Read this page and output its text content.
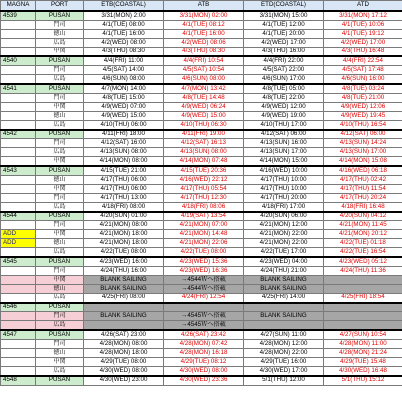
MAGNA	PORT	ETB(COASTAL)	ATB	ETD(COASTAL)	ATD
4539	PUSAN	3/31(MON) 2:00	3/31(MON) 02:00	3/31(MON) 15:00	3/31(MON) 17:12
	門司	4/1(TUE) 08:00	4/1(TUE) 08:12	4/1(TUE) 12:00	4/1(TUE) 10:06
	徳山	4/1(TUE) 16:00	4/1(TUE) 16:00	4/1(TUE) 20:00	4/1(TUE) 19:12
	広島	4/2(WED) 08:00	4/2(WED) 08:06	4/2(WED) 17:00	4/2(WED) 17:00
	中関	4/3(THU) 08:30	4/3(THU) 08:30	4/3(THU) 16:00	4/3(THU) 16:48
4540	PUSAN	4/4(FRI) 11:00	4/4(FRI) 10:54	4/4(FRI) 22:00	4/4(FRI) 22:54
	門司	4/5(SAT) 14:00	4/5(SAT) 10:54	4/5(SAT) 22:00	4/5(SAT) 17:48
	広島	4/6(SUN) 08:00	4/6(SUN) 08:00	4/6(SUN) 17:00	4/6(SUN) 16:00
4541	PUSAN	4/7(MON) 14:00	4/7(MON) 13:42	4/8(TUE) 05:00	4/8(TUE) 03:24
	門司	4/8(TUE) 15:00	4/8(TUE) 14:48	4/8(TUE) 22:00	4/8(TUE) 21:00
	中関	4/9(WED) 07:00	4/9(WED) 06:24	4/9(WED) 12:00	4/9(WED) 12:06
	徳山	4/9(WED) 15:00	4/9(WED) 15:00	4/9(WED) 19:00	4/9(WED) 19:45
	広島	4/10(THU) 06:00	4/10(THU) 06:30	4/10(THU) 17:00	4/10(THU) 16:54
4542	PUSAN	4/11(FRI) 18:00	4/11(FRI) 19:00	4/12(SAT) 06:00	4/12(SAT) 06:00
	門司	4/12(SAT) 16:00	4/12(SAT) 16:13	4/13(SUN) 16:00	4/13(SUN) 14:24
	広島	4/13(SUN) 08:00	4/13(SUN) 08:00	4/13(SUN) 17:00	4/13(SUN) 17:00
	中関	4/14(MON) 08:00	4/14(MON) 07:48	4/14(MON) 15:00	4/14(MON) 15:08
4543	PUSAN	4/15(TUE) 21:00	4/15(TUE) 20:36	4/16(WED) 10:00	4/16(WED) 06:18
	徳山	4/17(THU) 06:00	4/16(WED) 22:12	4/17(THU) 10:00	4/17(THU) 02:42
	中関	4/17(THU) 06:00	4/17(THU) 05:54	4/17(THU) 10:00	4/17(THU) 11:54
	門司	4/17(THU) 13:00	4/17(THU) 12:30	4/17(THU) 20:00	4/17(THU) 20:24
	広島	4/18(FRI) 08:00	4/18(FRI) 08:06	4/18(FRI) 17:00	4/18(FRI) 16:48
4544	PUSAN	4/20(SUN) 01:00	4/19(SAT) 13:54	4/20(SUN) 06:00	4/20(SUN) 04:12
	門司	4/21(MON) 08:00	4/21(MON) 07:00	4/21(MON) 12:00	4/21(MON) 11:45
ADD	中関	4/21(MON) 18:00	4/21(MON) 14:48	4/21(MON) 22:00	4/21(MON) 20:12
ADD	徳山	4/21(MON) 18:00	4/21(MON) 22:06	4/21(MON) 22:00	4/22(TUE) 01:18
	広島	4/22(TUE) 08:00	4/22(TUE) 08:00	4/22(TUE) 17:00	4/22(TUE) 16:54
4545	PUSAN	4/23(WED) 16:00	4/23(WED) 15:36	4/23(WED) 04:00	4/23(WED) 05:12
	門司	4/24(THU) 16:00	4/23(WED) 16:36	4/24(THU) 21:00	4/24(THU) 11:36
	中関	BLANK SAILING	→4544Ｗへ搭載	BLANK SAILING	
	徳山	BLANK SAILING	→4544Ｗへ搭載	BLANK SAILING	
	広島	4/25(FRI) 08:00	4/24(FRI) 12:54	4/25(FRI) 14:00	4/25(FRI) 18:54
4546	PUSAN				
	門司	BLANK SAILING	→4545Ｗへ搭載	BLANK SAILING	
	広島		→4545Ｗへ搭載		
4547	PUSAN	4/26(SAT) 23:00	4/26(SAT) 23:42	4/27(SUN) 11:00	4/27(SUN) 10:54
	門司	4/28(MON) 08:00	4/28(MON) 07:42	4/28(MON) 12:00	4/28(MON) 11:00
	徳山	4/28(MON) 18:00	4/28(MON) 16:18	4/28(MON) 22:00	4/28(MON) 21:24
	中関	4/29(TUE) 08:00	4/29(TUE) 08:12	4/29(TUE) 16:00	4/29(TUE) 15:48
	広島	4/30(WED) 08:00	4/30(WED) 08:00	4/30(WED) 17:00	4/30(WED) 16:48
4548	PUSAN	4/30(WED) 23:00	4/30(WED) 23:36	5/1(THU) 12:00	5/1(THU) 15:12
